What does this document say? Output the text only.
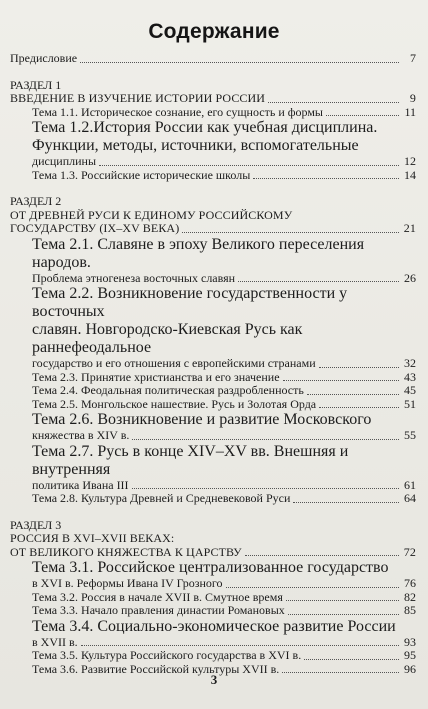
Содержание
Предисловие	7
РАЗДЕЛ 1
ВВЕДЕНИЕ В ИЗУЧЕНИЕ ИСТОРИИ РОССИИ	9
Тема 1.1. Историческое сознание, его сущность и формы	11
Тема 1.2.История России как учебная дисциплина.
Функции, методы, источники, вспомогательные
дисциплины	12
Тема 1.3. Российские исторические школы	14
РАЗДЕЛ 2
ОТ ДРЕВНЕЙ РУСИ К ЕДИНОМУ РОССИЙСКОМУ
ГОСУДАРСТВУ (IX–XV ВЕКА)	21
Тема 2.1. Славяне в эпоху Великого переселения народов.
Проблема этногенеза восточных славян	26
Тема 2.2. Возникновение государственности у восточных
славян. Новгородско-Киевская Русь как раннефеодальное
государство и его отношения с европейскими странами	32
Тема 2.3. Принятие христианства и его значение	43
Тема 2.4. Феодальная политическая раздробленность	45
Тема 2.5. Монгольское нашествие. Русь и Золотая Орда	51
Тема 2.6. Возникновение и развитие Московского
княжества в XIV в.	55
Тема 2.7. Русь в конце XIV–XV вв. Внешняя и внутренняя
политика Ивана III	61
Тема 2.8. Культура Древней и Средневековой Руси	64
РАЗДЕЛ 3
РОССИЯ В XVI–XVII ВЕКАХ:
ОТ ВЕЛИКОГО КНЯЖЕСТВА К ЦАРСТВУ	72
Тема 3.1. Российское централизованное государство
в XVI в. Реформы Ивана IV Грозного	76
Тема 3.2. Россия в начале XVII в. Смутное время	82
Тема 3.3. Начало правления династии Романовых	85
Тема 3.4. Социально-экономическое развитие России
в XVII в.	93
Тема 3.5. Культура Российского государства в XVI в.	95
Тема 3.6. Развитие Российской культуры XVII в.	96
3
